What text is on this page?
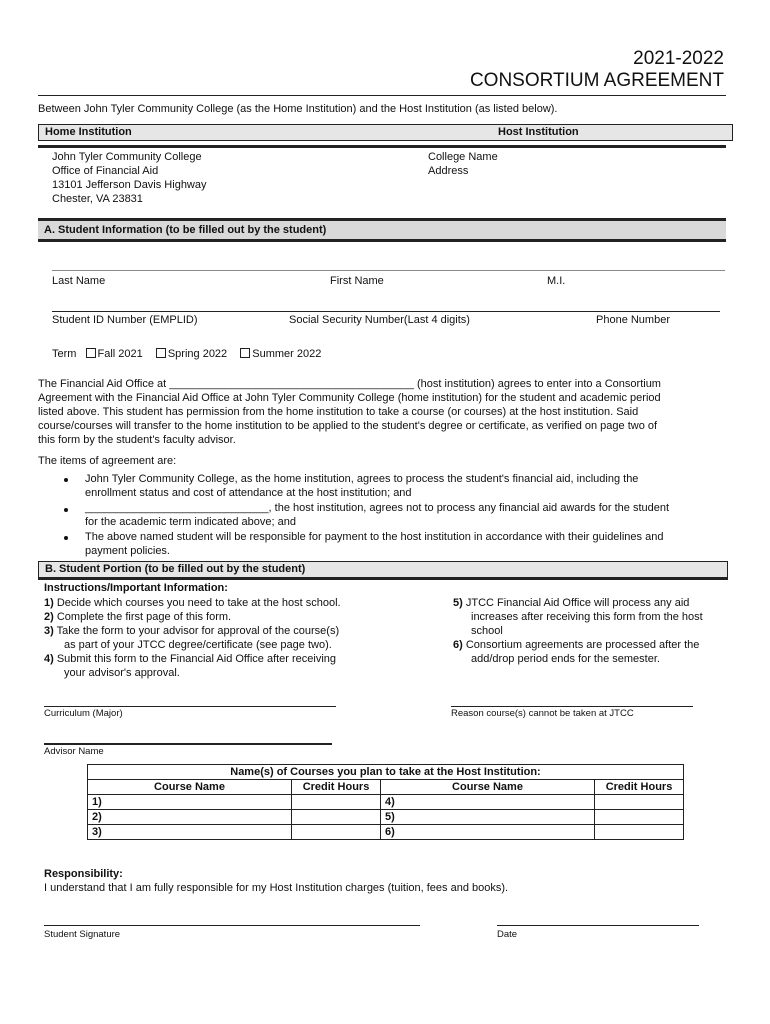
2021-2022
CONSORTIUM AGREEMENT
Between John Tyler Community College (as the Home Institution) and the Host Institution (as listed below).
Home Institution	Host Institution
John Tyler Community College
Office of Financial Aid
13101 Jefferson Davis Highway
Chester, VA 23831
College Name
Address
A. Student Information (to be filled out by the student)
Last Name	First Name	M.I.
Student ID Number (EMPLID)	Social Security Number(Last 4 digits)	Phone Number
Term Fall 2021 Spring 2022 Summer 2022
The Financial Aid Office at ________________________________________ (host institution) agrees to enter into a Consortium
Agreement with the Financial Aid Office at John Tyler Community College (home institution) for the student and academic period
listed above. This student has permission from the home institution to take a course (or courses) at the host institution. Said
course/courses will transfer to the home institution to be applied to the student's degree or certificate, as verified on page two of
this form by the student's faculty advisor.
The items of agreement are:
John Tyler Community College, as the home institution, agrees to process the student's financial aid, including the
enrollment status and cost of attendance at the host institution; and
______________________________, the host institution, agrees not to process any financial aid awards for the student
for the academic term indicated above; and
The above named student will be responsible for payment to the host institution in accordance with their guidelines and
payment policies.
B. Student Portion (to be filled out by the student)
Instructions/Important Information:
1) Decide which courses you need to take at the host school.
2) Complete the first page of this form.
3) Take the form to your advisor for approval of the course(s)
as part of your JTCC degree/certificate (see page two).
4) Submit this form to the Financial Aid Office after receiving
your advisor's approval.
5) JTCC Financial Aid Office will process any aid
increases after receiving this form from the host
school
6) Consortium agreements are processed after the
add/drop period ends for the semester.
Curriculum (Major)	Reason course(s) cannot be taken at JTCC
Advisor Name
Name(s) of Courses you plan to take at the Host Institution:			
Course Name	Credit Hours	Course Name	Credit Hours
1)		4)	
2)		5)	
3)		6)	
Responsibility:
I understand that I am fully responsible for my Host Institution charges (tuition, fees and books).
Student Signature	Date
